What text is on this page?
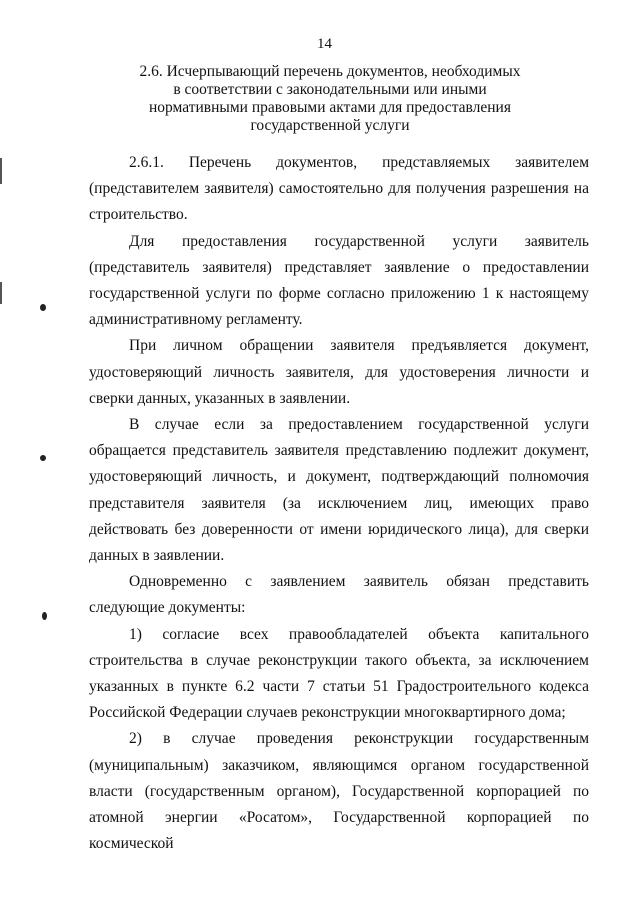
14
2.6. Исчерпывающий перечень документов, необходимых
в соответствии с законодательными или иными
нормативными правовыми актами для предоставления
государственной услуги

2.6.1. Перечень документов, представляемых заявителем (представителем заявителя) самостоятельно для получения разрешения на строительство.

Для предоставления государственной услуги заявитель (представитель заявителя) представляет заявление о предоставлении государственной услуги по форме согласно приложению 1 к настоящему административному регламенту.

При личном обращении заявителя предъявляется документ, удостоверяющий личность заявителя, для удостоверения личности и сверки данных, указанных в заявлении.

В случае если за предоставлением государственной услуги обращается представитель заявителя представлению подлежит документ, удостоверяющий личность, и документ, подтверждающий полномочия представителя заявителя (за исключением лиц, имеющих право действовать без доверенности от имени юридического лица), для сверки данных в заявлении.

Одновременно с заявлением заявитель обязан представить следующие документы:

1) согласие всех правообладателей объекта капитального строительства в случае реконструкции такого объекта, за исключением указанных в пункте 6.2 части 7 статьи 51 Градостроительного кодекса Российской Федерации случаев реконструкции многоквартирного дома;

2) в случае проведения реконструкции государственным (муниципальным) заказчиком, являющимся органом государственной власти (государственным органом), Государственной корпорацией по атомной энергии «Росатом», Государственной корпорацией по космической
